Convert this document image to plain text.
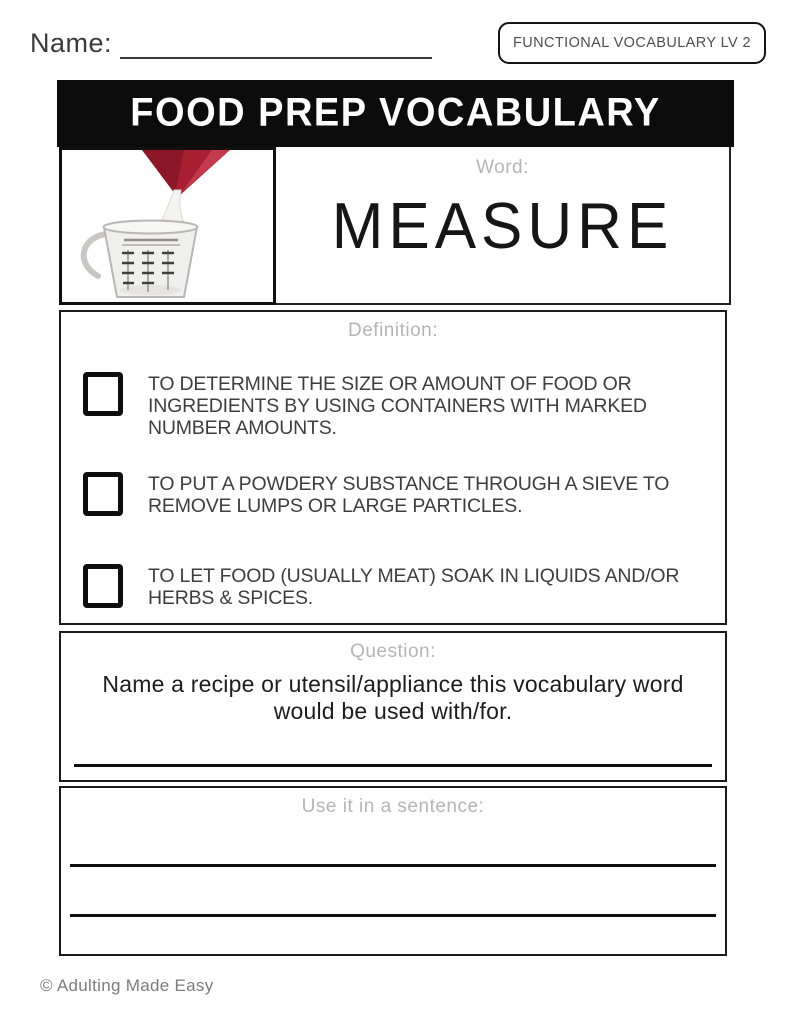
Name:	FUNCTIONAL VOCABULARY LV 2
FOOD PREP VOCABULARY
Word:
MEASURE
Definition:
TO DETERMINE THE SIZE OR AMOUNT OF FOOD OR INGREDIENTS BY USING CONTAINERS WITH MARKED NUMBER AMOUNTS.
TO PUT A POWDERY SUBSTANCE THROUGH A SIEVE TO REMOVE LUMPS OR LARGE PARTICLES.
TO LET FOOD (USUALLY MEAT) SOAK IN LIQUIDS AND/OR HERBS & SPICES.
Question:
Name a recipe or utensil/appliance this vocabulary word would be used with/for.
Use it in a sentence:
© Adulting Made Easy
